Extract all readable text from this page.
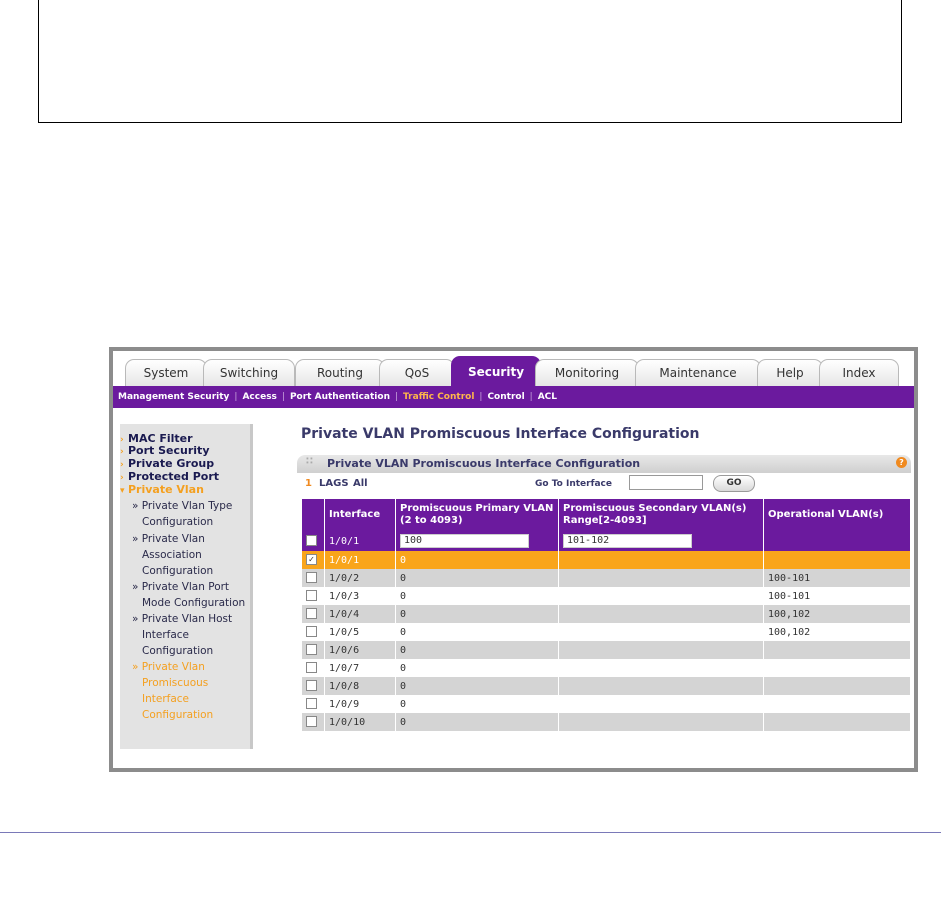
System	Switching	Routing	QoS	Security	Monitoring	Maintenance	Help	Index
Management Security | Access | Port Authentication | Traffic Control | Control | ACL
› MAC Filter
› Port Security
› Private Group
› Protected Port
▾ Private Vlan
» Private Vlan Type
Configuration
» Private Vlan
Association
Configuration
» Private Vlan Port
Mode Configuration
» Private Vlan Host
Interface
Configuration
» Private Vlan
Promiscuous
Interface
Configuration
Private VLAN Promiscuous Interface Configuration
∷ Private VLAN Promiscuous Interface Configuration	?
1 LAGS All	Go To Interface	GO
	Interface	Promiscuous Primary VLAN (2 to 4093)	Promiscuous Secondary VLAN(s) Range[2-4093]	Operational VLAN(s)
	1/0/1	100	101-102	
✓	1/0/1	0		
	1/0/2	0		100-101
	1/0/3	0		100-101
	1/0/4	0		100,102
	1/0/5	0		100,102
	1/0/6	0		
	1/0/7	0		
	1/0/8	0		
	1/0/9	0		
	1/0/10	0		
